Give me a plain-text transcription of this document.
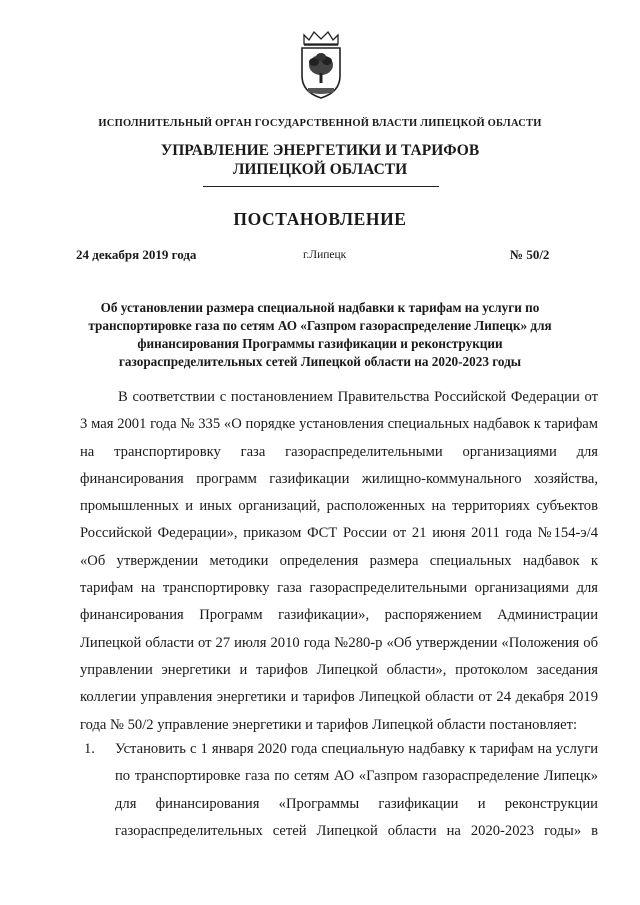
ИСПОЛНИТЕЛЬНЫЙ ОРГАН ГОСУДАРСТВЕННОЙ ВЛАСТИ ЛИПЕЦКОЙ ОБЛАСТИ
УПРАВЛЕНИЕ ЭНЕРГЕТИКИ И ТАРИФОВ
ЛИПЕЦКОЙ ОБЛАСТИ
ПОСТАНОВЛЕНИЕ
24 декабря 2019 года	г.Липецк	№ 50/2
Об установлении размера специальной надбавки к тарифам на услуги по
транспортировке газа по сетям АО «Газпром газораспределение Липецк» для
финансирования Программы газификации и реконструкции
газораспределительных сетей Липецкой области на 2020-2023 годы

В соответствии с постановлением Правительства Российской Федерации от 3 мая 2001 года № 335 «О порядке установления специальных надбавок к тарифам на транспортировку газа газораспределительными организациями для финансирования программ газификации жилищно-коммунального хозяйства, промышленных и иных организаций, расположенных на территориях субъектов Российской Федерации», приказом ФСТ России от 21 июня 2011 года №154-э/4 «Об утверждении методики определения размера специальных надбавок к тарифам на транспортировку газа газораспределительными организациями для финансирования Программ газификации», распоряжением Администрации Липецкой области от 27 июля 2010 года №280-р «Об утверждении «Положения об управлении энергетики и тарифов Липецкой области», протоколом заседания коллегии управления энергетики и тарифов Липецкой области от 24 декабря 2019 года № 50/2 управление энергетики и тарифов Липецкой области постановляет:

1. Установить с 1 января 2020 года специальную надбавку к тарифам на услуги
по транспортировке газа по сетям АО «Газпром газораспределение Липецк»
для финансирования «Программы газификации и реконструкции
газораспределительных сетей Липецкой области на 2020-2023 годы» в
